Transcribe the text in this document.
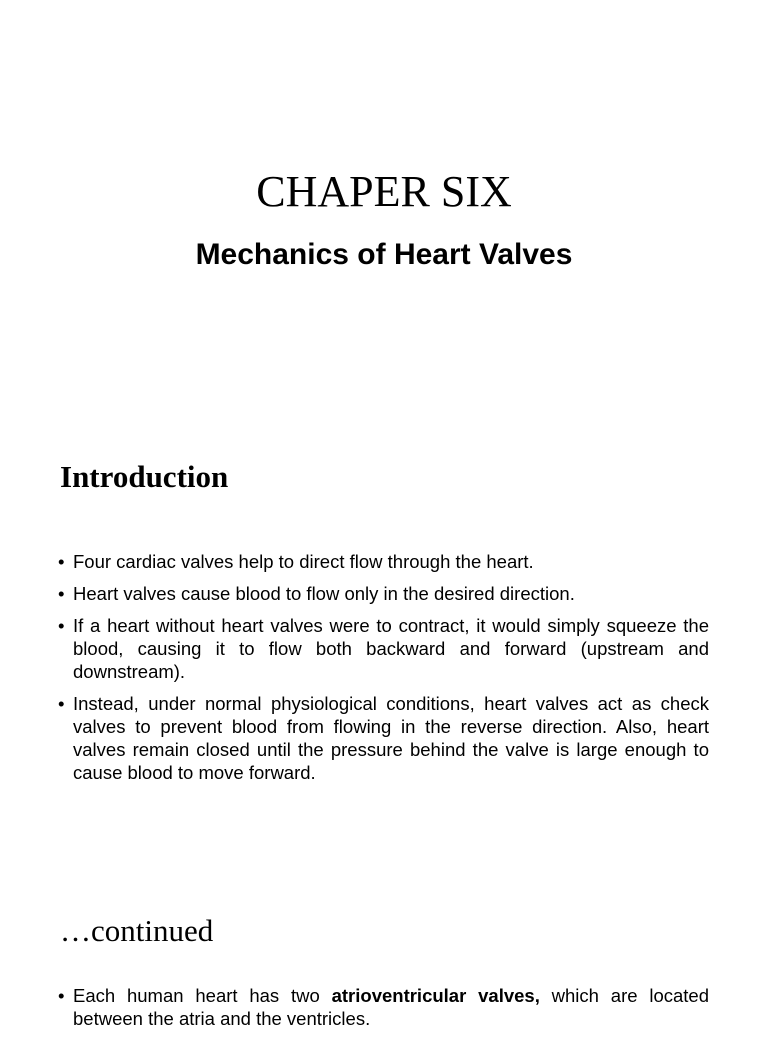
CHAPER SIX
Mechanics of Heart Valves
Introduction
• Four cardiac valves help to direct flow through the heart.
• Heart valves cause blood to flow only in the desired direction.
• If a heart without heart valves were to contract, it would simply squeeze the blood, causing it to flow both backward and forward (upstream and downstream).
• Instead, under normal physiological conditions, heart valves act as check valves to prevent blood from flowing in the reverse direction. Also, heart valves remain closed until the pressure behind the valve is large enough to cause blood to move forward.
…continued
• Each human heart has two atrioventricular valves, which are located between the atria and the ventricles.
